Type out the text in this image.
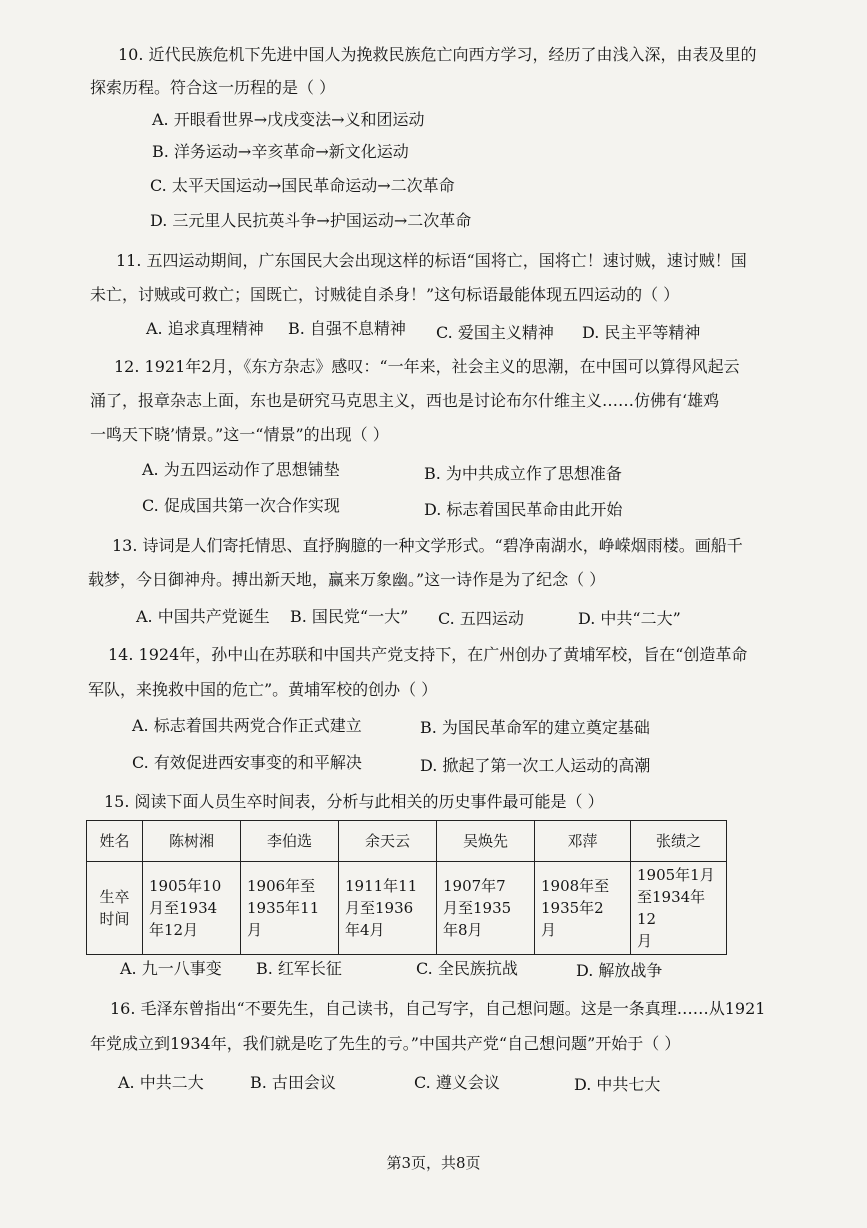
10. 近代民族危机下先进中国人为挽救民族危亡向西方学习，经历了由浅入深，由表及里的
探索历程。符合这一历程的是（ ）
A. 开眼看世界→戊戌变法→义和团运动
B. 洋务运动→辛亥革命→新文化运动
C. 太平天国运动→国民革命运动→二次革命
D. 三元里人民抗英斗争→护国运动→二次革命
11. 五四运动期间，广东国民大会出现这样的标语“国将亡，国将亡！速讨贼，速讨贼！国
未亡，讨贼或可救亡；国既亡，讨贼徒自杀身！”这句标语最能体现五四运动的（ ）
A. 追求真理精神 B. 自强不息精神 C. 爱国主义精神 D. 民主平等精神
12. 1921年2月，《东方杂志》感叹：“一年来，社会主义的思潮，在中国可以算得风起云
涌了，报章杂志上面，东也是研究马克思主义，西也是讨论布尔什维主义……仿佛有‘雄鸡
一鸣天下晓’情景。”这一“情景”的出现（ ）
A. 为五四运动作了思想铺垫	B. 为中共成立作了思想准备
C. 促成国共第一次合作实现	D. 标志着国民革命由此开始
13. 诗词是人们寄托情思、直抒胸臆的一种文学形式。“碧净南湖水，峥嵘烟雨楼。画船千
载梦，今日御神舟。搏出新天地，赢来万象幽。”这一诗作是为了纪念（ ）
A. 中国共产党诞生 B. 国民党“一大” C. 五四运动	D. 中共“二大”
14. 1924年，孙中山在苏联和中国共产党支持下，在广州创办了黄埔军校，旨在“创造革命
军队，来挽救中国的危亡”。黄埔军校的创办（ ）
A. 标志着国共两党合作正式建立	B. 为国民革命军的建立奠定基础
C. 有效促进西安事变的和平解决	D. 掀起了第一次工人运动的高潮
15. 阅读下面人员生卒时间表，分析与此相关的历史事件最可能是（ ）
姓名	陈树湘	李伯选	余天云	吴焕先	邓萍	张绩之
生卒
时间	1905年10
月至1934
年12月	1906年至
1935年11
月	1911年11
月至1936
年4月	1907年7
月至1935
年8月	1908年至
1935年2
月	1905年1月
至1934年12
月
A. 九一八事变 B. 红军长征	C. 全民族抗战	D. 解放战争
16. 毛泽东曾指出“不要先生，自己读书，自己写字，自己想问题。这是一条真理……从1921
年党成立到1934年，我们就是吃了先生的亏。”中国共产党“自己想问题”开始于（ ）
A. 中共二大	B. 古田会议	C. 遵义会议	D. 中共七大
第3页，共8页
